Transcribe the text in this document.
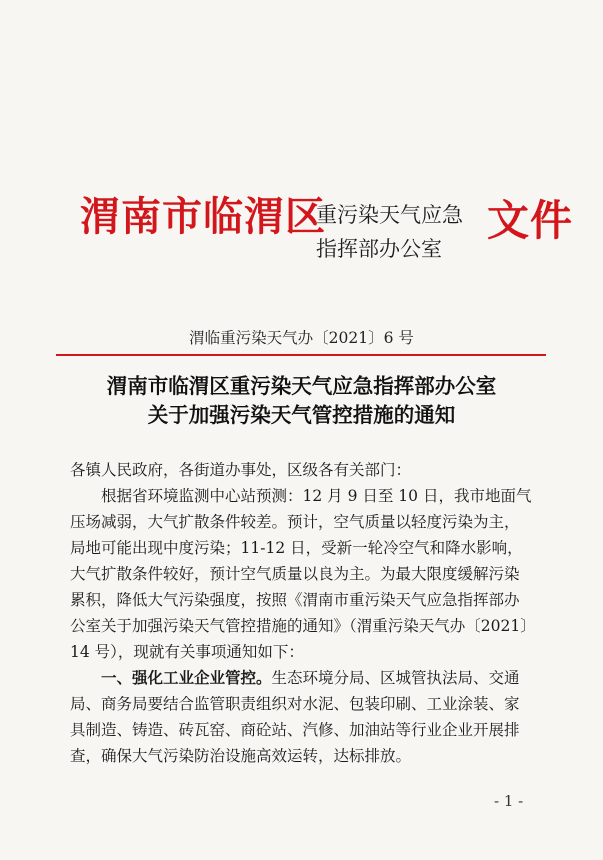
渭南市临渭区
重污染天气应急
指挥部办公室
文件
渭临重污染天气办〔2021〕6 号
渭南市临渭区重污染天气应急指挥部办公室
关于加强污染天气管控措施的通知

各镇人民政府，各街道办事处，区级各有关部门：

根据省环境监测中心站预测：12 月 9 日至 10 日，我市地面气

压场减弱，大气扩散条件较差。预计，空气质量以轻度污染为主，

局地可能出现中度污染；11-12 日，受新一轮冷空气和降水影响，

大气扩散条件较好，预计空气质量以良为主。为最大限度缓解污染

累积，降低大气污染强度，按照《渭南市重污染天气应急指挥部办

公室关于加强污染天气管控措施的通知》（渭重污染天气办〔2021〕

14 号），现就有关事项通知如下：

一、强化工业企业管控。生态环境分局、区城管执法局、交通

局、商务局要结合监管职责组织对水泥、包装印刷、工业涂装、家

具制造、铸造、砖瓦窑、商砼站、汽修、加油站等行业企业开展排

查，确保大气污染防治设施高效运转，达标排放。

- 1 -
